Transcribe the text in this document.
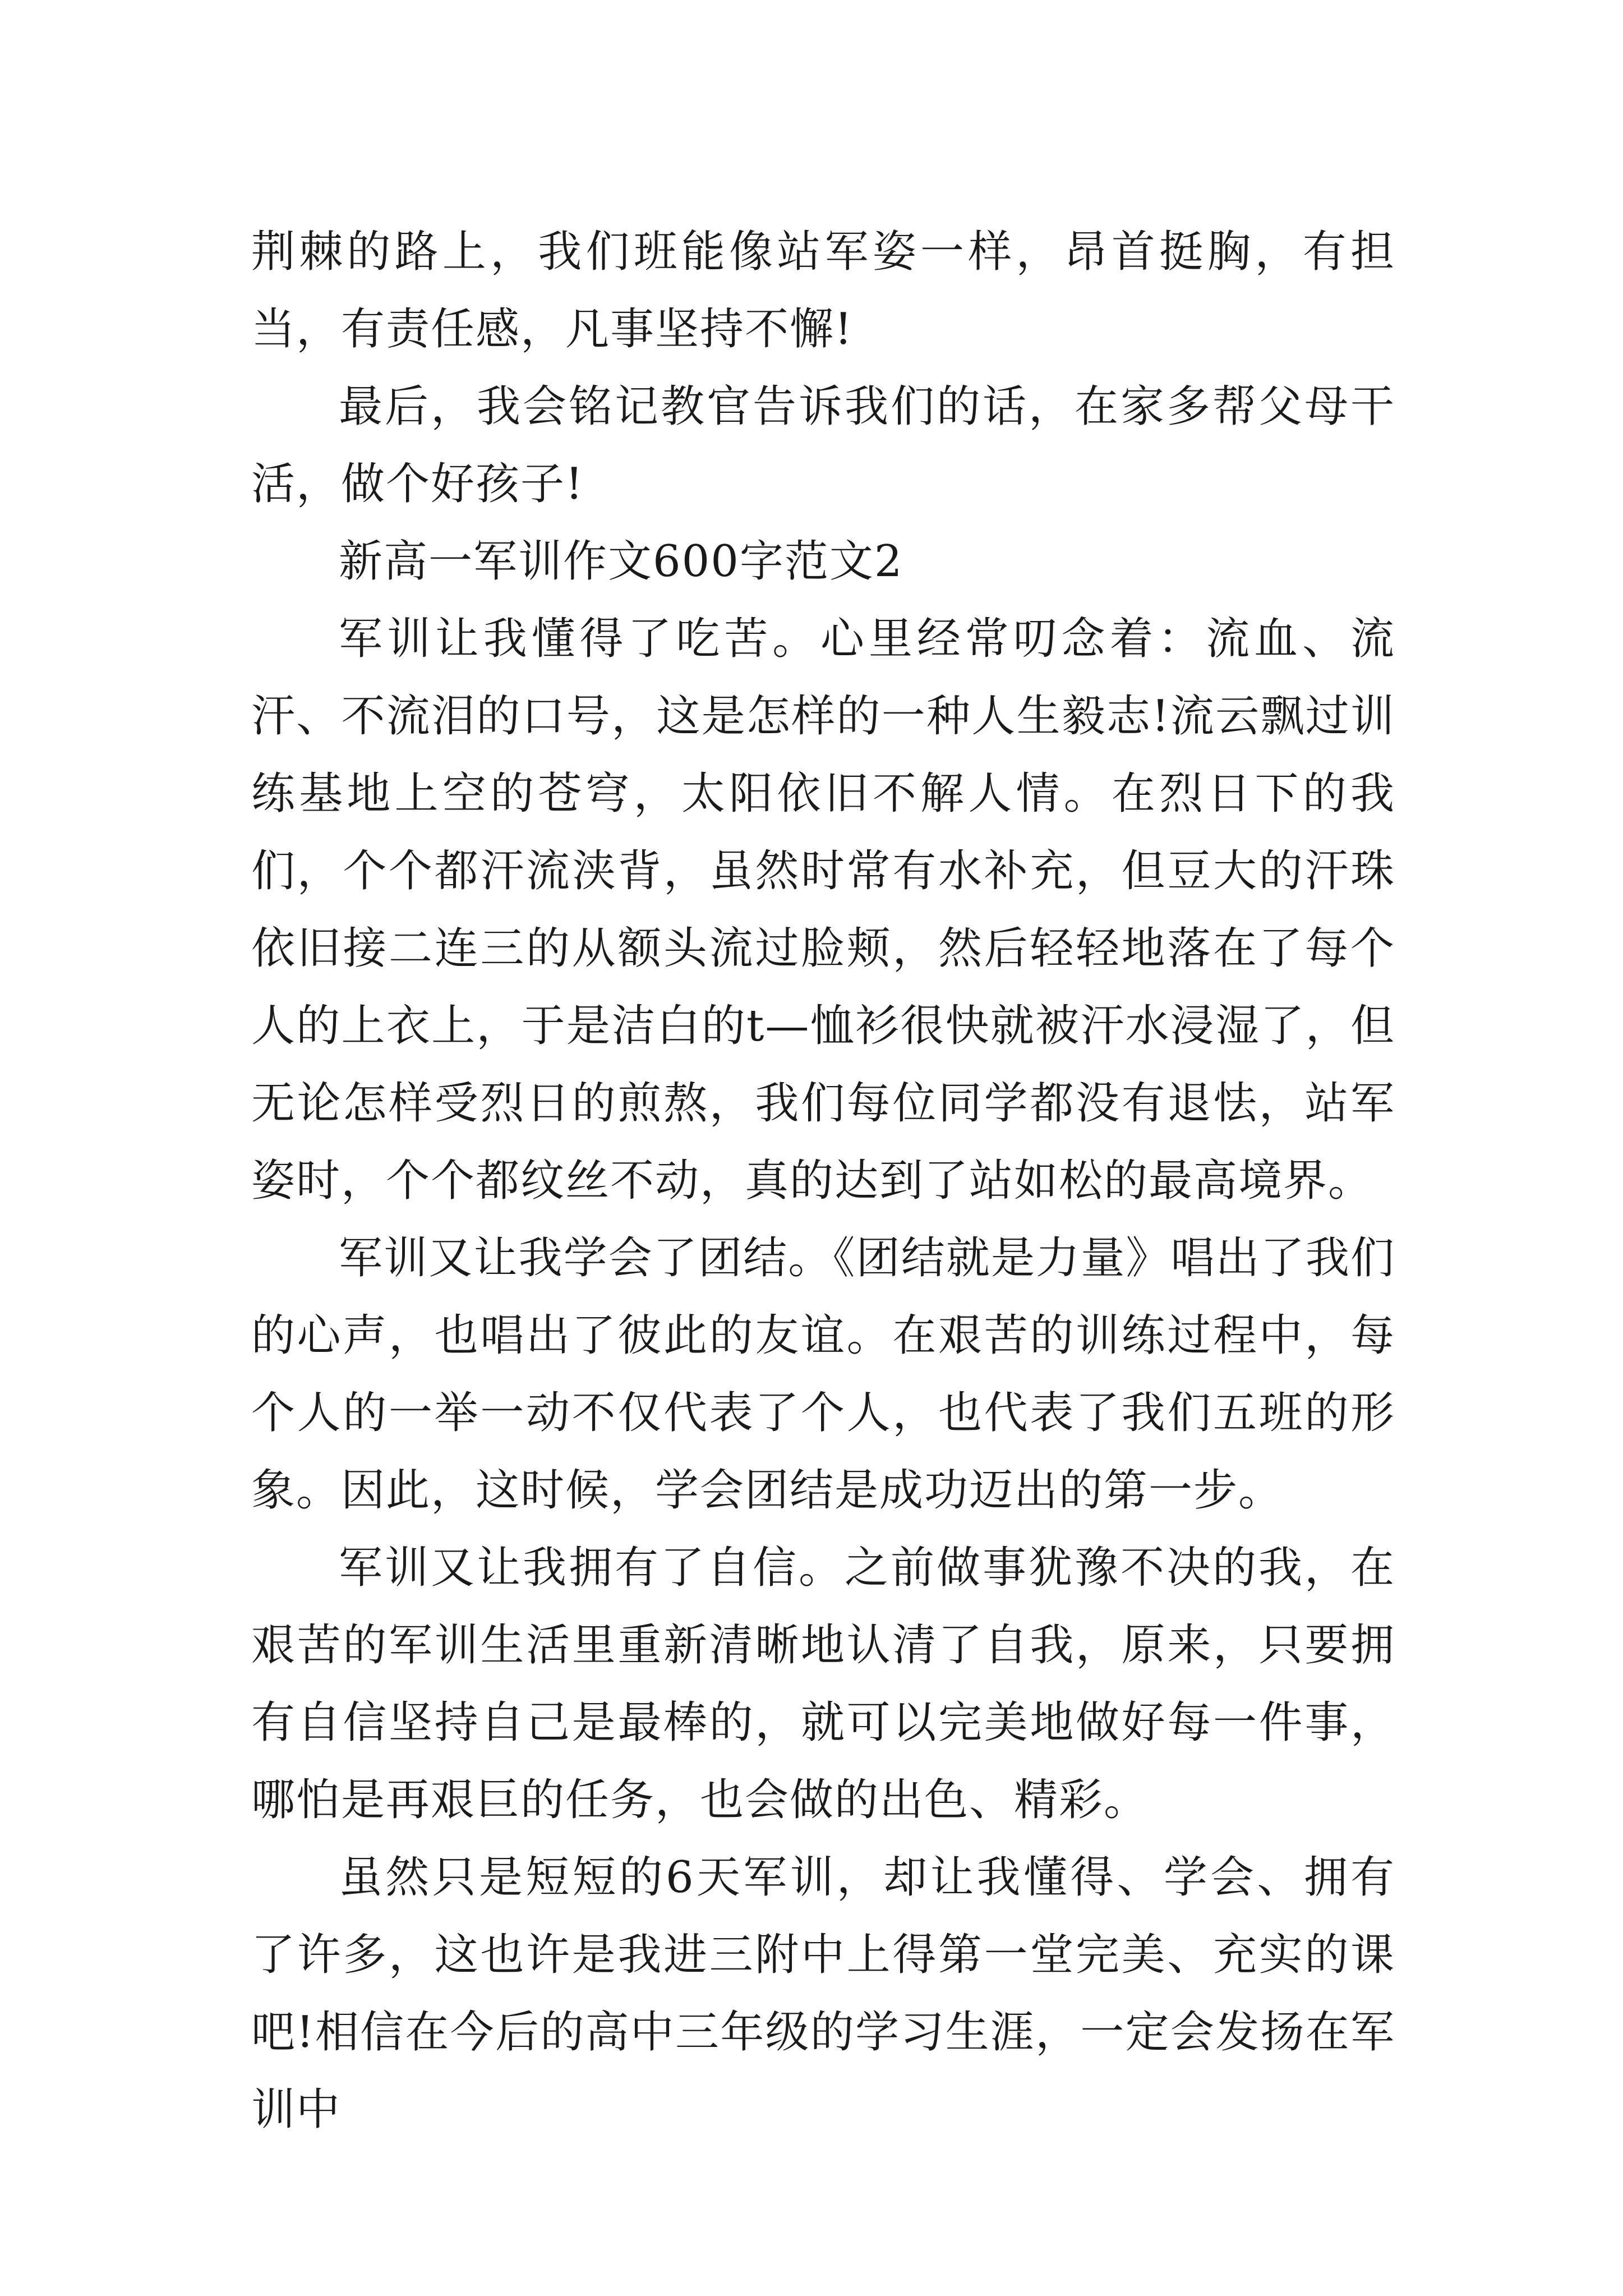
荆棘的路上，我们班能像站军姿一样，昂首挺胸，有担当，有责任感，凡事坚持不懈!

最后，我会铭记教官告诉我们的话，在家多帮父母干活，做个好孩子!

新高一军训作文600字范文2

军训让我懂得了吃苦。心里经常叨念着：流血、流汗、不流泪的口号，这是怎样的一种人生毅志!流云飘过训练基地上空的苍穹，太阳依旧不解人情。在烈日下的我们，个个都汗流浃背，虽然时常有水补充，但豆大的汗珠依旧接二连三的从额头流过脸颊，然后轻轻地落在了每个人的上衣上，于是洁白的t—恤衫很快就被汗水浸湿了，但无论怎样受烈日的煎熬，我们每位同学都没有退怯，站军姿时，个个都纹丝不动，真的达到了站如松的最高境界。

军训又让我学会了团结。《团结就是力量》唱出了我们的心声，也唱出了彼此的友谊。在艰苦的训练过程中，每个人的一举一动不仅代表了个人，也代表了我们五班的形象。因此，这时候，学会团结是成功迈出的第一步。

军训又让我拥有了自信。之前做事犹豫不决的我，在艰苦的军训生活里重新清晰地认清了自我，原来，只要拥有自信坚持自己是最棒的，就可以完美地做好每一件事，哪怕是再艰巨的任务，也会做的出色、精彩。

虽然只是短短的6天军训，却让我懂得、学会、拥有了许多，这也许是我进三附中上得第一堂完美、充实的课吧!相信在今后的高中三年级的学习生涯，一定会发扬在军训中
